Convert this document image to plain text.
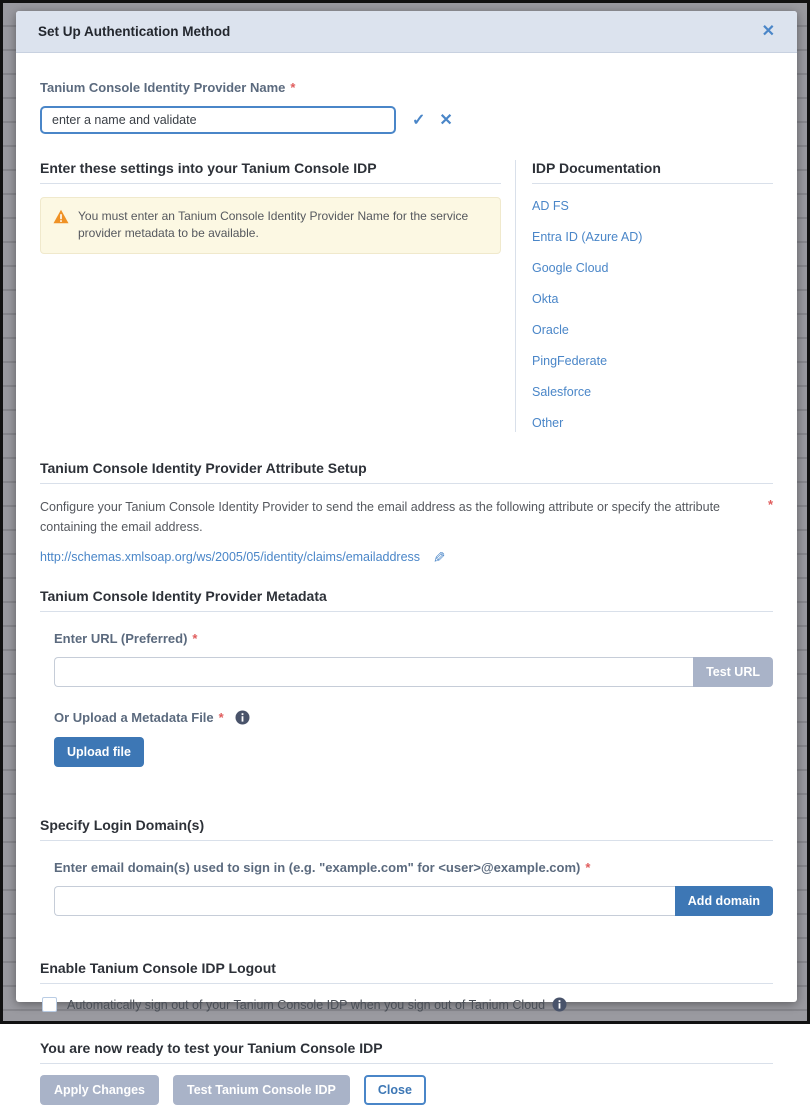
Set Up Authentication Method	✕
Tanium Console Identity Provider Name *
enter a name and validate
✓ ✕
Enter these settings into your Tanium Console IDP
You must enter an Tanium Console Identity Provider Name for the service provider metadata to be available.
IDP Documentation
AD FS
Entra ID (Azure AD)
Google Cloud
Okta
Oracle
PingFederate
Salesforce
Other
Tanium Console Identity Provider Attribute Setup
Configure your Tanium Console Identity Provider to send the email address as the following attribute or specify the attribute containing the email address.
*
http://schemas.xmlsoap.org/ws/2005/05/identity/claims/emailaddress ✎
Tanium Console Identity Provider Metadata
Enter URL (Preferred) *
Test URL
Or Upload a Metadata File *
Upload file
Specify Login Domain(s)
Enter email domain(s) used to sign in (e.g. "example.com" for <user>@example.com) *
Add domain
Enable Tanium Console IDP Logout
Automatically sign out of your Tanium Console IDP when you sign out of Tanium Cloud
You are now ready to test your Tanium Console IDP
Apply Changes	Test Tanium Console IDP	Close
